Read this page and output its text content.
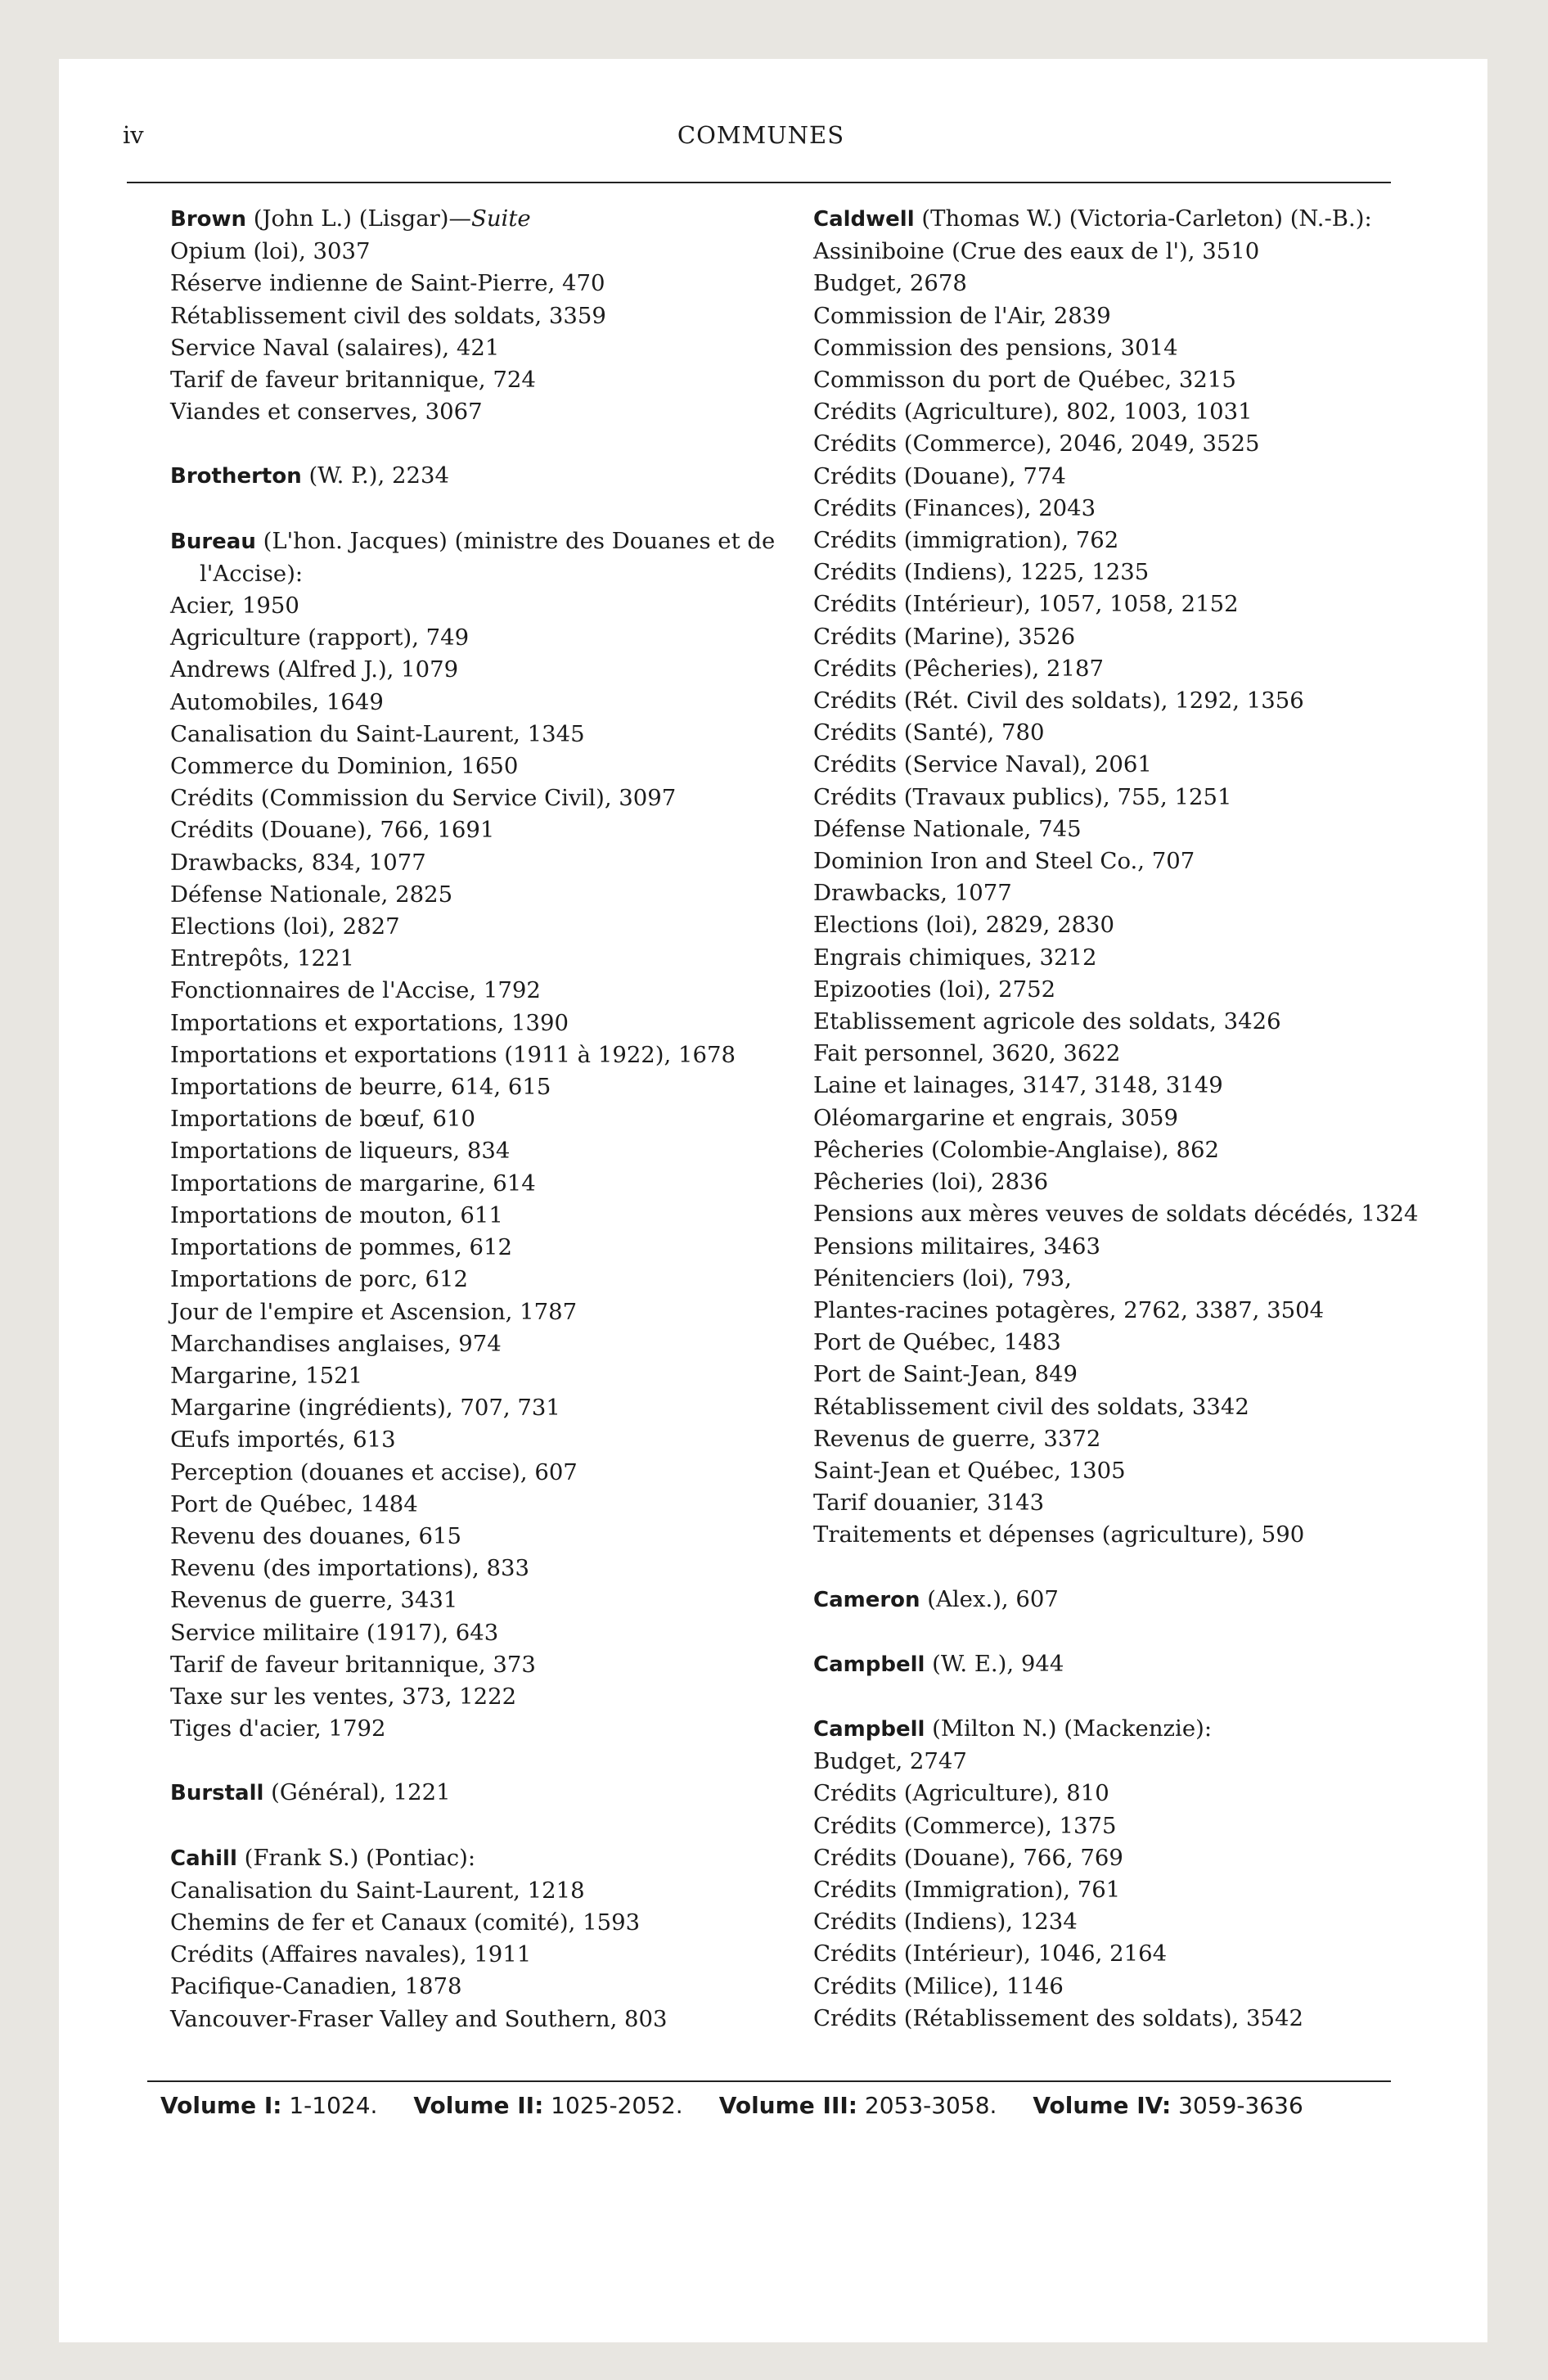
iv	COMMUNES
Brown (John L.) (Lisgar)—Suite
Opium (loi), 3037
Réserve indienne de Saint-Pierre, 470
Rétablissement civil des soldats, 3359
Service Naval (salaires), 421
Tarif de faveur britannique, 724
Viandes et conserves, 3067
Brotherton (W. P.), 2234
Bureau (L'hon. Jacques) (ministre des Douanes et de l'Accise):
Acier, 1950
Agriculture (rapport), 749
Andrews (Alfred J.), 1079
Automobiles, 1649
Canalisation du Saint-Laurent, 1345
Commerce du Dominion, 1650
Crédits (Commission du Service Civil), 3097
Crédits (Douane), 766, 1691
Drawbacks, 834, 1077
Défense Nationale, 2825
Elections (loi), 2827
Entrepôts, 1221
Fonctionnaires de l'Accise, 1792
Importations et exportations, 1390
Importations et exportations (1911 à 1922), 1678
Importations de beurre, 614, 615
Importations de bœuf, 610
Importations de liqueurs, 834
Importations de margarine, 614
Importations de mouton, 611
Importations de pommes, 612
Importations de porc, 612
Jour de l'empire et Ascension, 1787
Marchandises anglaises, 974
Margarine, 1521
Margarine (ingrédients), 707, 731
Œufs importés, 613
Perception (douanes et accise), 607
Port de Québec, 1484
Revenu des douanes, 615
Revenu (des importations), 833
Revenus de guerre, 3431
Service militaire (1917), 643
Tarif de faveur britannique, 373
Taxe sur les ventes, 373, 1222
Tiges d'acier, 1792
Burstall (Général), 1221
Cahill (Frank S.) (Pontiac):
Canalisation du Saint-Laurent, 1218
Chemins de fer et Canaux (comité), 1593
Crédits (Affaires navales), 1911
Pacifique-Canadien, 1878
Vancouver-Fraser Valley and Southern, 803
Caldwell (Thomas W.) (Victoria-Carleton) (N.-B.):
Assiniboine (Crue des eaux de l'), 3510
Budget, 2678
Commission de l'Air, 2839
Commission des pensions, 3014
Commisson du port de Québec, 3215
Crédits (Agriculture), 802, 1003, 1031
Crédits (Commerce), 2046, 2049, 3525
Crédits (Douane), 774
Crédits (Finances), 2043
Crédits (immigration), 762
Crédits (Indiens), 1225, 1235
Crédits (Intérieur), 1057, 1058, 2152
Crédits (Marine), 3526
Crédits (Pêcheries), 2187
Crédits (Rét. Civil des soldats), 1292, 1356
Crédits (Santé), 780
Crédits (Service Naval), 2061
Crédits (Travaux publics), 755, 1251
Défense Nationale, 745
Dominion Iron and Steel Co., 707
Drawbacks, 1077
Elections (loi), 2829, 2830
Engrais chimiques, 3212
Epizooties (loi), 2752
Etablissement agricole des soldats, 3426
Fait personnel, 3620, 3622
Laine et lainages, 3147, 3148, 3149
Oléomargarine et engrais, 3059
Pêcheries (Colombie-Anglaise), 862
Pêcheries (loi), 2836
Pensions aux mères veuves de soldats décédés, 1324
Pensions militaires, 3463
Pénitenciers (loi), 793,
Plantes-racines potagères, 2762, 3387, 3504
Port de Québec, 1483
Port de Saint-Jean, 849
Rétablissement civil des soldats, 3342
Revenus de guerre, 3372
Saint-Jean et Québec, 1305
Tarif douanier, 3143
Traitements et dépenses (agriculture), 590
Cameron (Alex.), 607
Campbell (W. E.), 944
Campbell (Milton N.) (Mackenzie):
Budget, 2747
Crédits (Agriculture), 810
Crédits (Commerce), 1375
Crédits (Douane), 766, 769
Crédits (Immigration), 761
Crédits (Indiens), 1234
Crédits (Intérieur), 1046, 2164
Crédits (Milice), 1146
Crédits (Rétablissement des soldats), 3542
Volume I: 1-1024. Volume II: 1025-2052. Volume III: 2053-3058. Volume IV: 3059-3636
